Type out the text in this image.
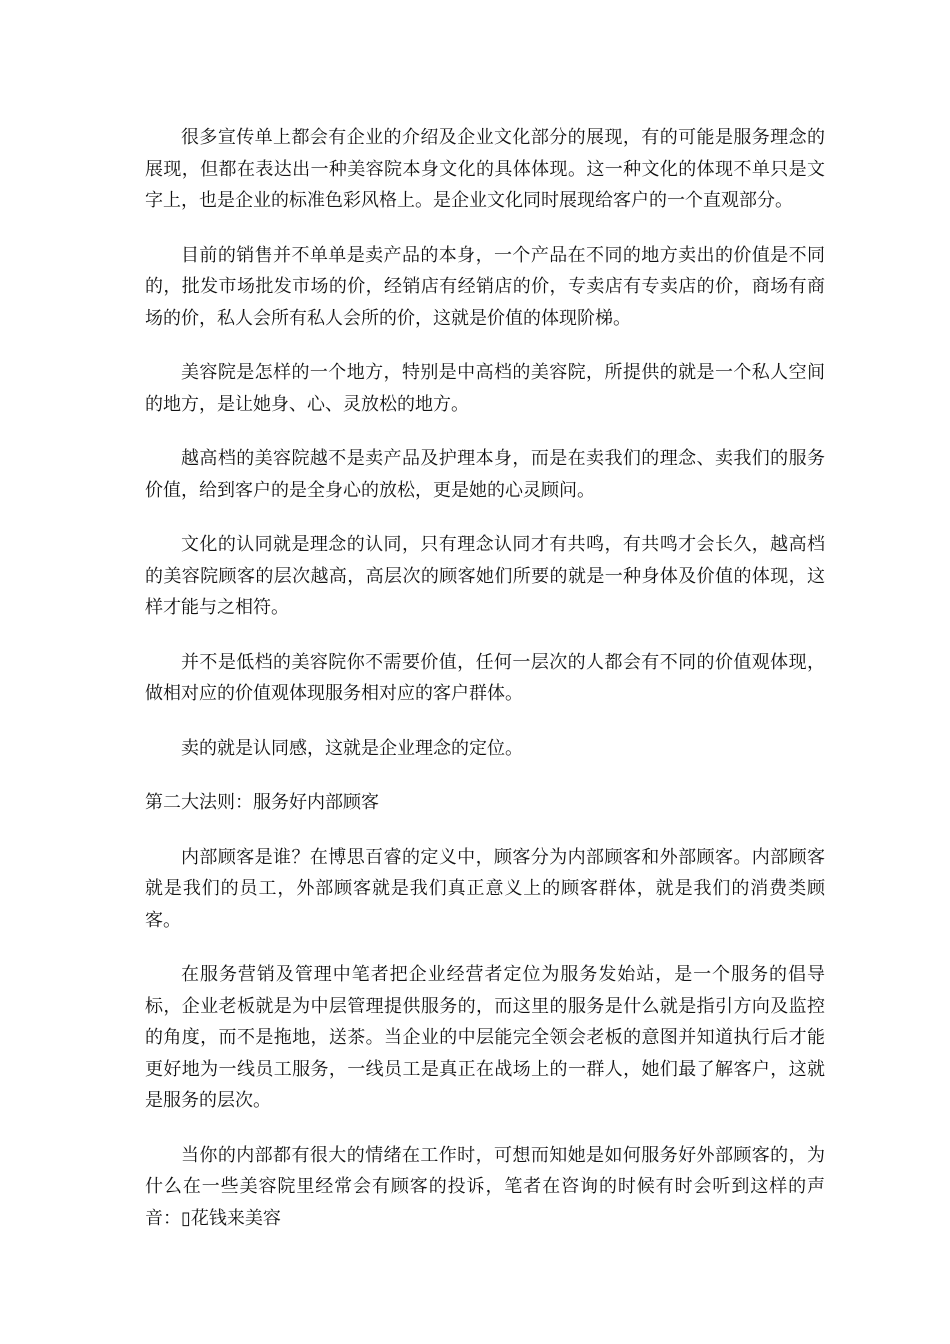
很多宣传单上都会有企业的介绍及企业文化部分的展现，有的可能是服务理念的展现，但都在表达出一种美容院本身文化的具体体现。这一种文化的体现不单只是文字上，也是企业的标准色彩风格上。是企业文化同时展现给客户的一个直观部分。

目前的销售并不单单是卖产品的本身，一个产品在不同的地方卖出的价值是不同的，批发市场批发市场的价，经销店有经销店的价，专卖店有专卖店的价，商场有商场的价，私人会所有私人会所的价，这就是价值的体现阶梯。

美容院是怎样的一个地方，特别是中高档的美容院，所提供的就是一个私人空间的地方，是让她身、心、灵放松的地方。

越高档的美容院越不是卖产品及护理本身，而是在卖我们的理念、卖我们的服务价值，给到客户的是全身心的放松，更是她的心灵顾问。

文化的认同就是理念的认同，只有理念认同才有共鸣，有共鸣才会长久，越高档的美容院顾客的层次越高，高层次的顾客她们所要的就是一种身体及价值的体现，这样才能与之相符。

并不是低档的美容院你不需要价值，任何一层次的人都会有不同的价值观体现，做相对应的价值观体现服务相对应的客户群体。

卖的就是认同感，这就是企业理念的定位。

第二大法则：服务好内部顾客

内部顾客是谁？在博思百睿的定义中，顾客分为内部顾客和外部顾客。内部顾客就是我们的员工，外部顾客就是我们真正意义上的顾客群体，就是我们的消费类顾客。

在服务营销及管理中笔者把企业经营者定位为服务发始站，是一个服务的倡导标，企业老板就是为中层管理提供服务的，而这里的服务是什么就是指引方向及监控的角度，而不是拖地，送茶。当企业的中层能完全领会老板的意图并知道执行后才能更好地为一线员工服务，一线员工是真正在战场上的一群人，她们最了解客户，这就是服务的层次。

当你的内部都有很大的情绪在工作时，可想而知她是如何服务好外部顾客的，为什么在一些美容院里经常会有顾客的投诉，笔者在咨询的时候有时会听到这样的声音：▯花钱来美容
